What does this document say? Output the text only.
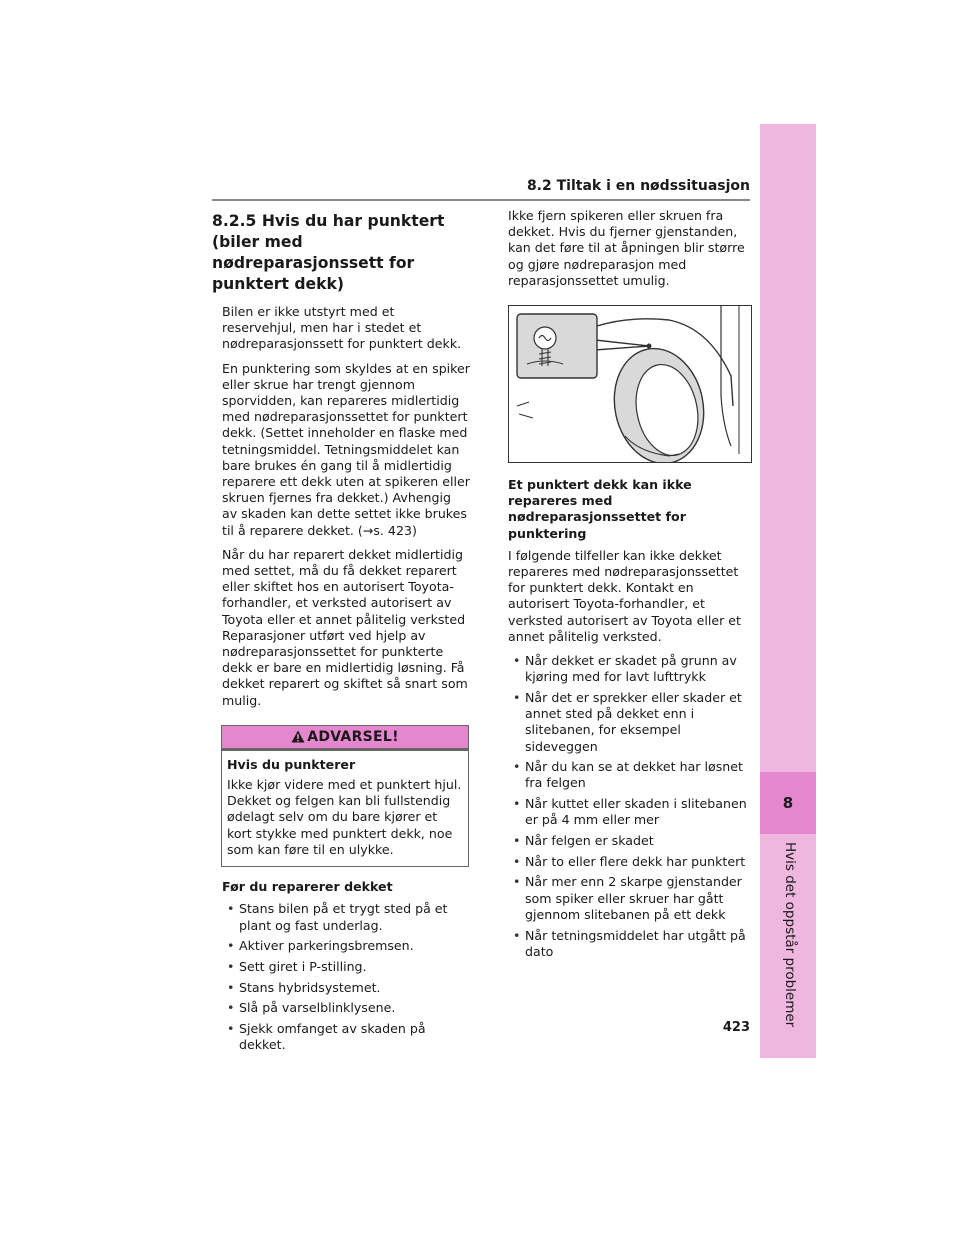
8
Hvis det oppstår problemer
8.2 Tiltak i en nødssituasjon
8.2.5 Hvis du har punktert (biler med nødreparasjonssett for punktert dekk)

Bilen er ikke utstyrt med et reservehjul, men har i stedet et nødreparasjonssett for punktert dekk.

En punktering som skyldes at en spiker eller skrue har trengt gjennom sporvidden, kan repareres midlertidig med nødreparasjonssettet for punktert dekk. (Settet inneholder en flaske med tetningsmiddel. Tetningsmiddelet kan bare brukes én gang til å midlertidig reparere ett dekk uten at spikeren eller skruen fjernes fra dekket.) Avhengig av skaden kan dette settet ikke brukes til å reparere dekket. (→s. 423)

Når du har reparert dekket midlertidig med settet, må du få dekket reparert eller skiftet hos en autorisert Toyota-forhandler, et verksted autorisert av Toyota eller et annet pålitelig verksted Reparasjoner utført ved hjelp av nødreparasjonssettet for punkterte dekk er bare en midlertidig løsning. Få dekket reparert og skiftet så snart som mulig.

ADVARSEL!

Hvis du punkterer

Ikke kjør videre med et punktert hjul. Dekket og felgen kan bli fullstendig ødelagt selv om du bare kjører et kort stykke med punktert dekk, noe som kan føre til en ulykke.

Før du reparerer dekket

• Stans bilen på et trygt sted på et plant og fast underlag.
• Aktiver parkeringsbremsen.
• Sett giret i P-stilling.
• Stans hybridsystemet.
• Slå på varselblinklysene.
• Sjekk omfanget av skaden på dekket.

Ikke fjern spikeren eller skruen fra dekket. Hvis du fjerner gjenstanden, kan det føre til at åpningen blir større og gjøre nødreparasjon med reparasjonssettet umulig.

Et punktert dekk kan ikke repareres med nødreparasjonssettet for punktering

I følgende tilfeller kan ikke dekket repareres med nødreparasjonssettet for punktert dekk. Kontakt en autorisert Toyota-forhandler, et verksted autorisert av Toyota eller et annet pålitelig verksted.

• Når dekket er skadet på grunn av kjøring med for lavt lufttrykk
• Når det er sprekker eller skader et annet sted på dekket enn i slitebanen, for eksempel sideveggen
• Når du kan se at dekket har løsnet fra felgen
• Når kuttet eller skaden i slitebanen er på 4 mm eller mer
• Når felgen er skadet
• Når to eller flere dekk har punktert
• Når mer enn 2 skarpe gjenstander som spiker eller skruer har gått gjennom slitebanen på ett dekk
• Når tetningsmiddelet har utgått på dato
423
